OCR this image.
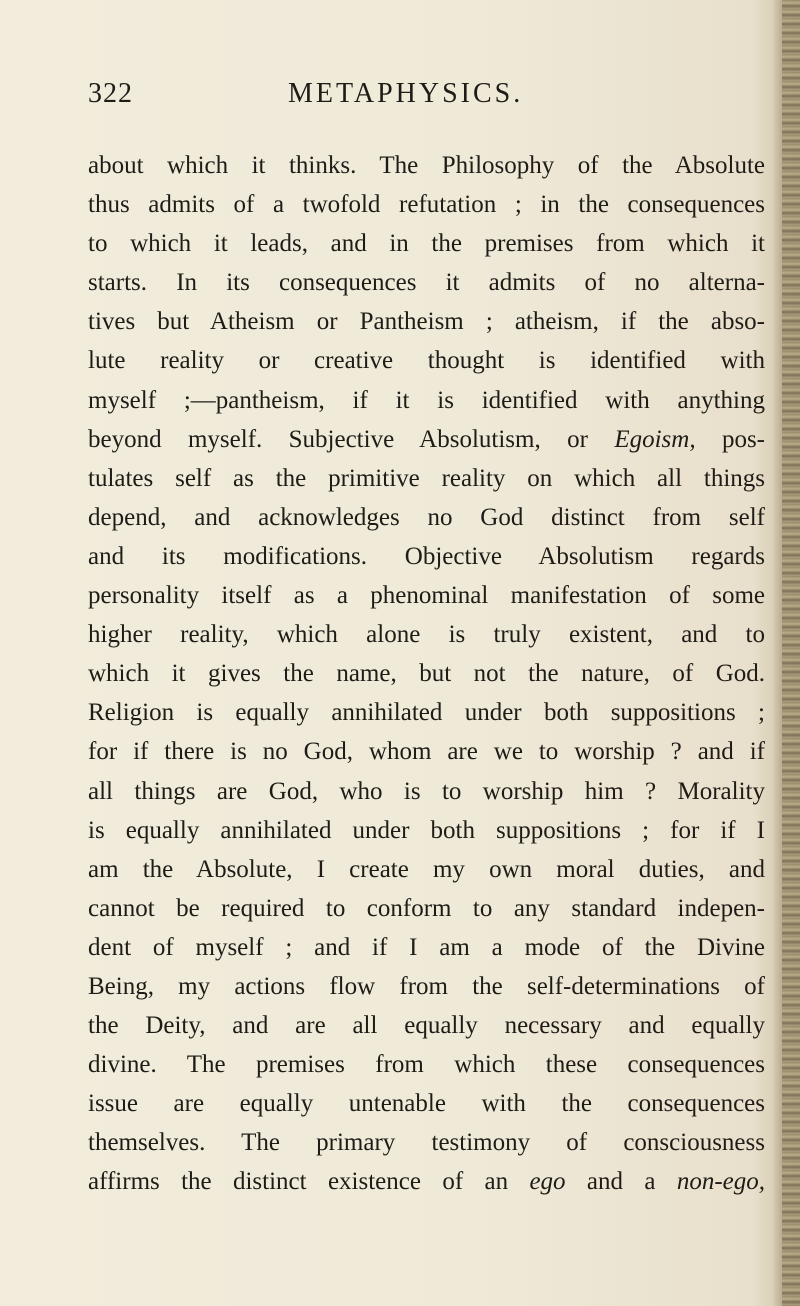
322	METAPHYSICS.
about which it thinks. The Philosophy of the Absolute
thus admits of a twofold refutation ; in the consequences
to which it leads, and in the premises from which it
starts. In its consequences it admits of no alterna-
tives but Atheism or Pantheism ; atheism, if the abso-
lute reality or creative thought is identified with
myself ;—pantheism, if it is identified with anything
beyond myself. Subjective Absolutism, or Egoism, pos-
tulates self as the primitive reality on which all things
depend, and acknowledges no God distinct from self
and its modifications. Objective Absolutism regards
personality itself as a phenominal manifestation of some
higher reality, which alone is truly existent, and to
which it gives the name, but not the nature, of God.
Religion is equally annihilated under both suppositions ;
for if there is no God, whom are we to worship ? and if
all things are God, who is to worship him ? Morality
is equally annihilated under both suppositions ; for if I
am the Absolute, I create my own moral duties, and
cannot be required to conform to any standard indepen-
dent of myself ; and if I am a mode of the Divine
Being, my actions flow from the self-determinations of
the Deity, and are all equally necessary and equally
divine. The premises from which these consequences
issue are equally untenable with the consequences
themselves. The primary testimony of consciousness
affirms the distinct existence of an ego and a non-ego,
